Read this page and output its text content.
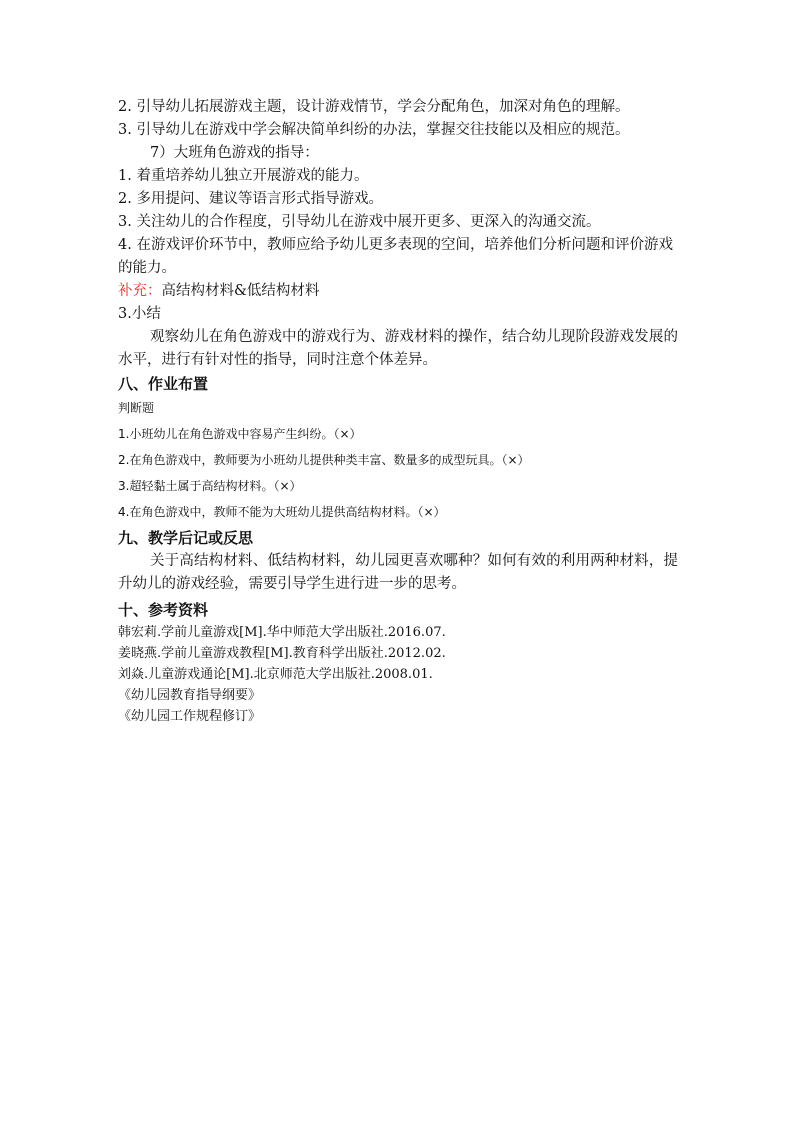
2. 引导幼儿拓展游戏主题，设计游戏情节，学会分配角色，加深对角色的理解。
3. 引导幼儿在游戏中学会解决简单纠纷的办法，掌握交往技能以及相应的规范。
7）大班角色游戏的指导：
1. 着重培养幼儿独立开展游戏的能力。
2. 多用提问、建议等语言形式指导游戏。
3. 关注幼儿的合作程度，引导幼儿在游戏中展开更多、更深入的沟通交流。
4. 在游戏评价环节中，教师应给予幼儿更多表现的空间，培养他们分析问题和评价游戏的能力。
补充：高结构材料&低结构材料
3.小结
观察幼儿在角色游戏中的游戏行为、游戏材料的操作，结合幼儿现阶段游戏发展的水平，进行有针对性的指导，同时注意个体差异。
八、作业布置
判断题
1.小班幼儿在角色游戏中容易产生纠纷。（×）
2.在角色游戏中，教师要为小班幼儿提供种类丰富、数量多的成型玩具。（×）
3.超轻黏土属于高结构材料。（×）
4.在角色游戏中，教师不能为大班幼儿提供高结构材料。（×）
九、教学后记或反思
关于高结构材料、低结构材料，幼儿园更喜欢哪种？如何有效的利用两种材料，提升幼儿的游戏经验，需要引导学生进行进一步的思考。
十、参考资料
韩宏莉.学前儿童游戏[M].华中师范大学出版社.2016.07.
姜晓燕.学前儿童游戏教程[M].教育科学出版社.2012.02.
刘焱.儿童游戏通论[M].北京师范大学出版社.2008.01.
《幼儿园教育指导纲要》
《幼儿园工作规程修订》
